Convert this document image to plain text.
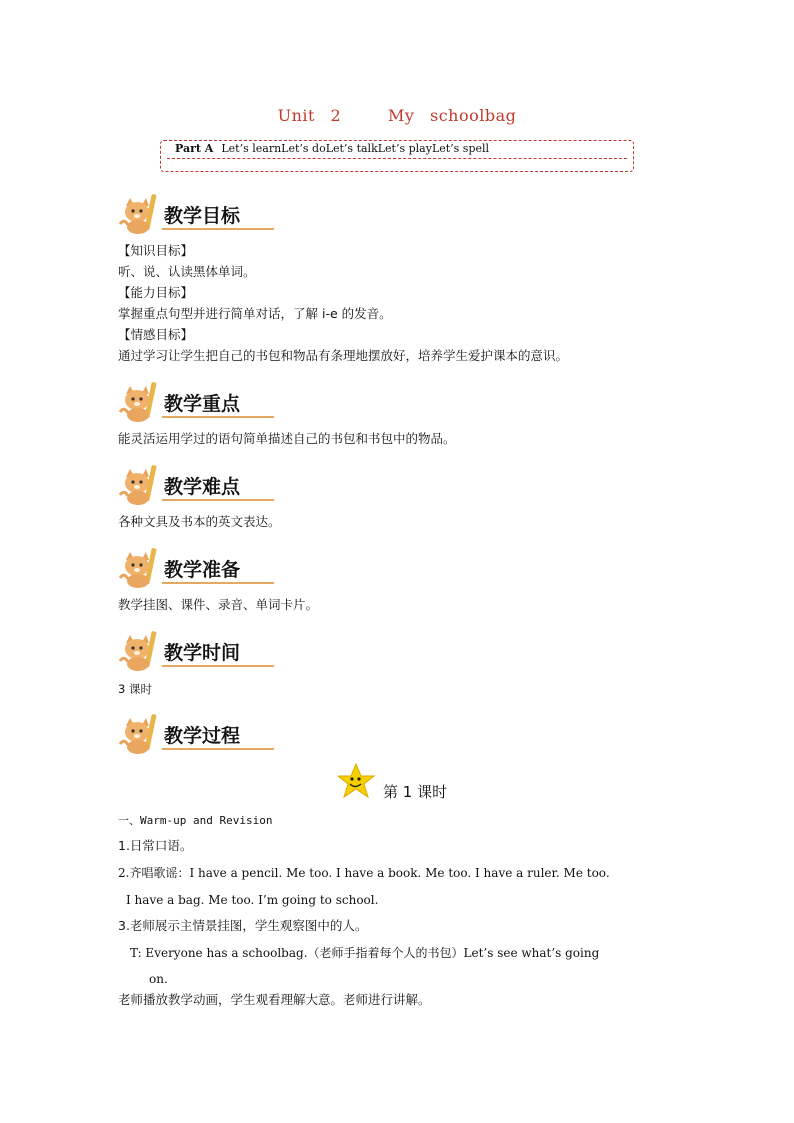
Unit 2   My schoolbag
Part A Let’s learnLet’s doLet’s talkLet’s playLet’s spell
教学目标
【知识目标】
听、说、认读黑体单词。
【能力目标】
掌握重点句型并进行简单对话，了解 i-e 的发音。
【情感目标】
通过学习让学生把自己的书包和物品有条理地摆放好，培养学生爱护课本的意识。
教学重点
能灵活运用学过的语句简单描述自己的书包和书包中的物品。
教学难点
各种文具及书本的英文表达。
教学准备
教学挂图、课件、录音、单词卡片。
教学时间
3 课时
教学过程
第 1 课时
一、Warm-up and Revision
1.日常口语。
2.齐唱歌谣：I have a pencil. Me too. I have a book. Me too. I have a ruler. Me too.
I have a bag. Me too. I’m going to school.
3.老师展示主情景挂图，学生观察图中的人。
T: Everyone has a schoolbag.（老师手指着每个人的书包）Let’s see what’s going
on.
老师播放教学动画，学生观看理解大意。老师进行讲解。
